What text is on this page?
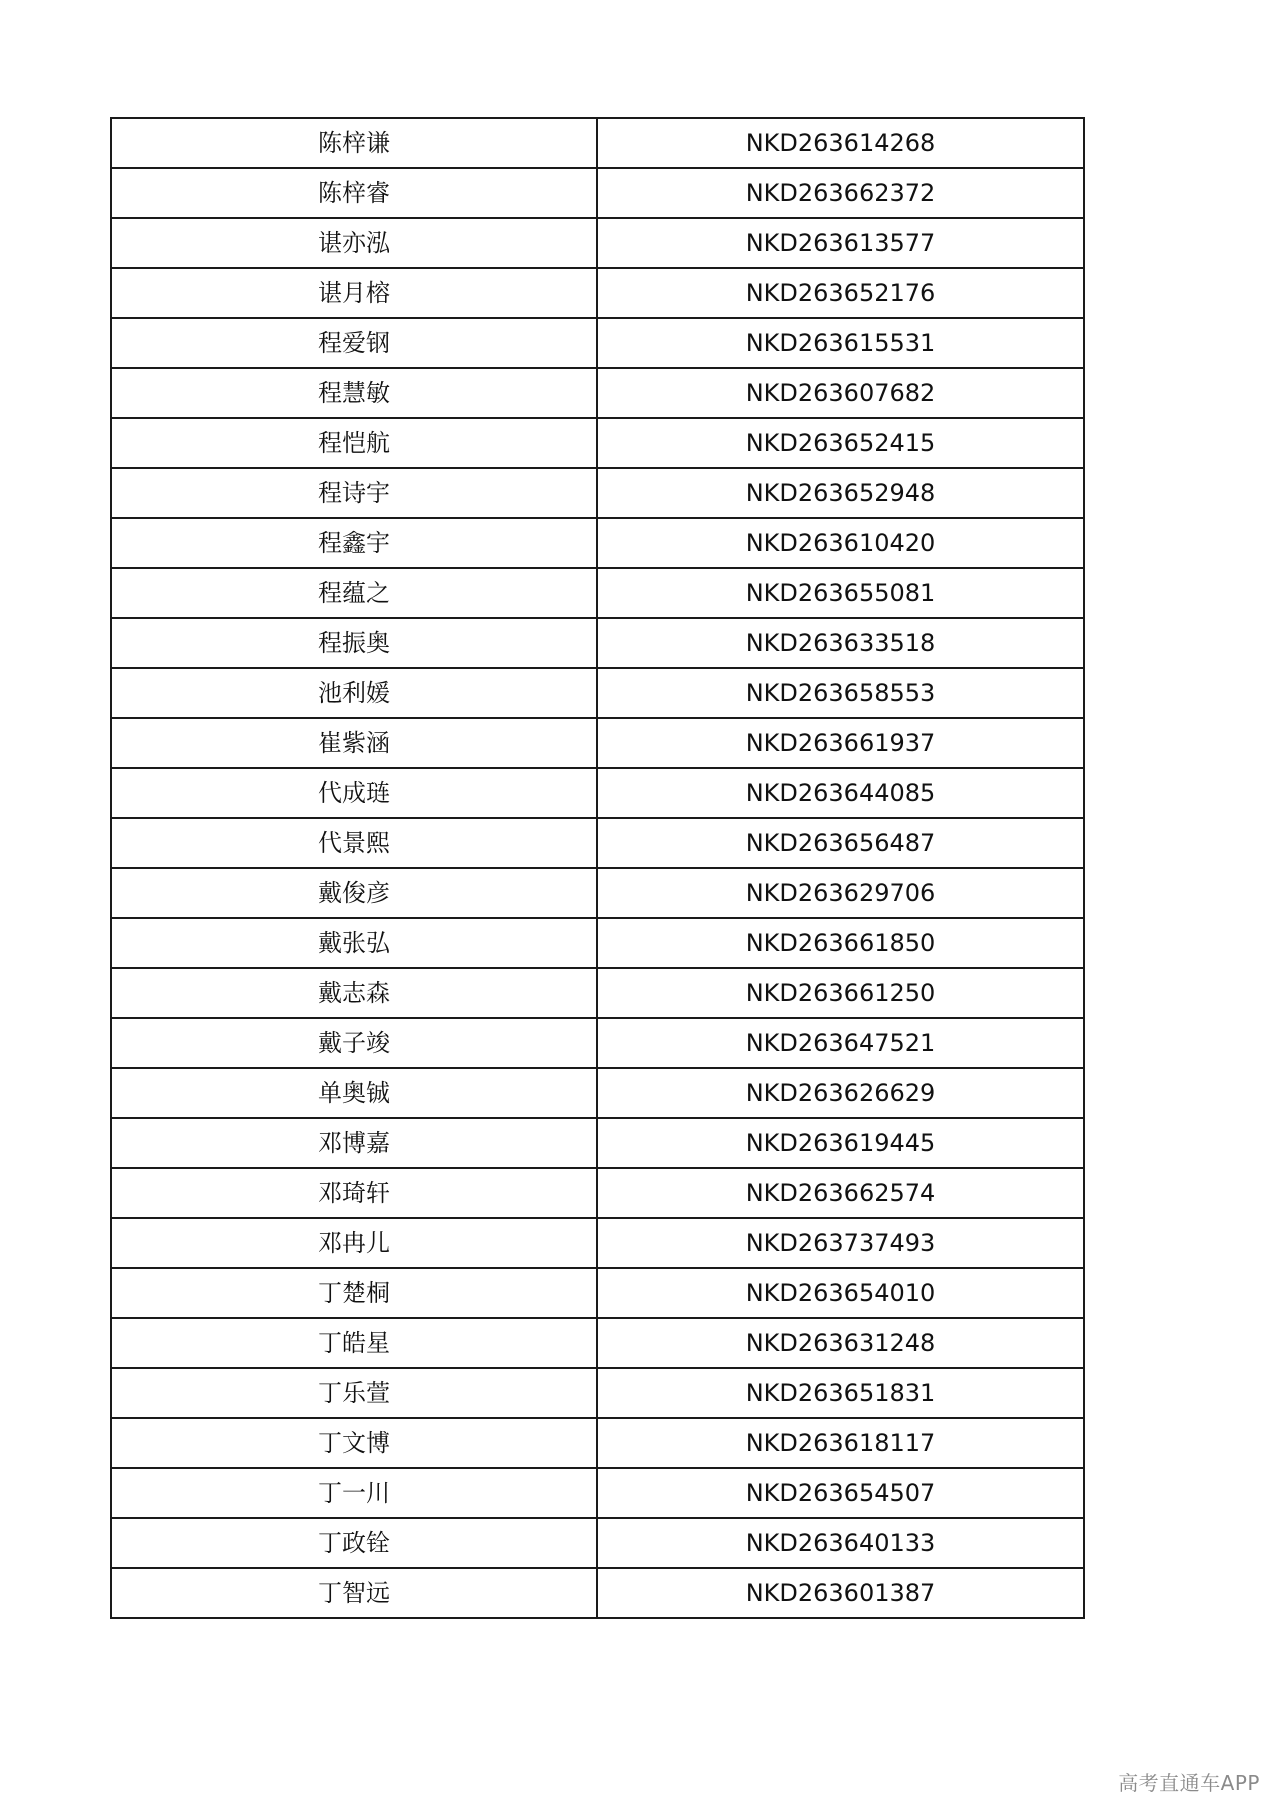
陈梓谦	NKD263614268
陈梓睿	NKD263662372
谌亦泓	NKD263613577
谌月榕	NKD263652176
程爱钢	NKD263615531
程慧敏	NKD263607682
程恺航	NKD263652415
程诗宇	NKD263652948
程鑫宇	NKD263610420
程蕴之	NKD263655081
程振奥	NKD263633518
池利媛	NKD263658553
崔紫涵	NKD263661937
代成琏	NKD263644085
代景熙	NKD263656487
戴俊彦	NKD263629706
戴张弘	NKD263661850
戴志森	NKD263661250
戴子竣	NKD263647521
单奥铖	NKD263626629
邓博嘉	NKD263619445
邓琦轩	NKD263662574
邓冉儿	NKD263737493
丁楚桐	NKD263654010
丁皓星	NKD263631248
丁乐萱	NKD263651831
丁文博	NKD263618117
丁一川	NKD263654507
丁政铨	NKD263640133
丁智远	NKD263601387
高考直通车APP
